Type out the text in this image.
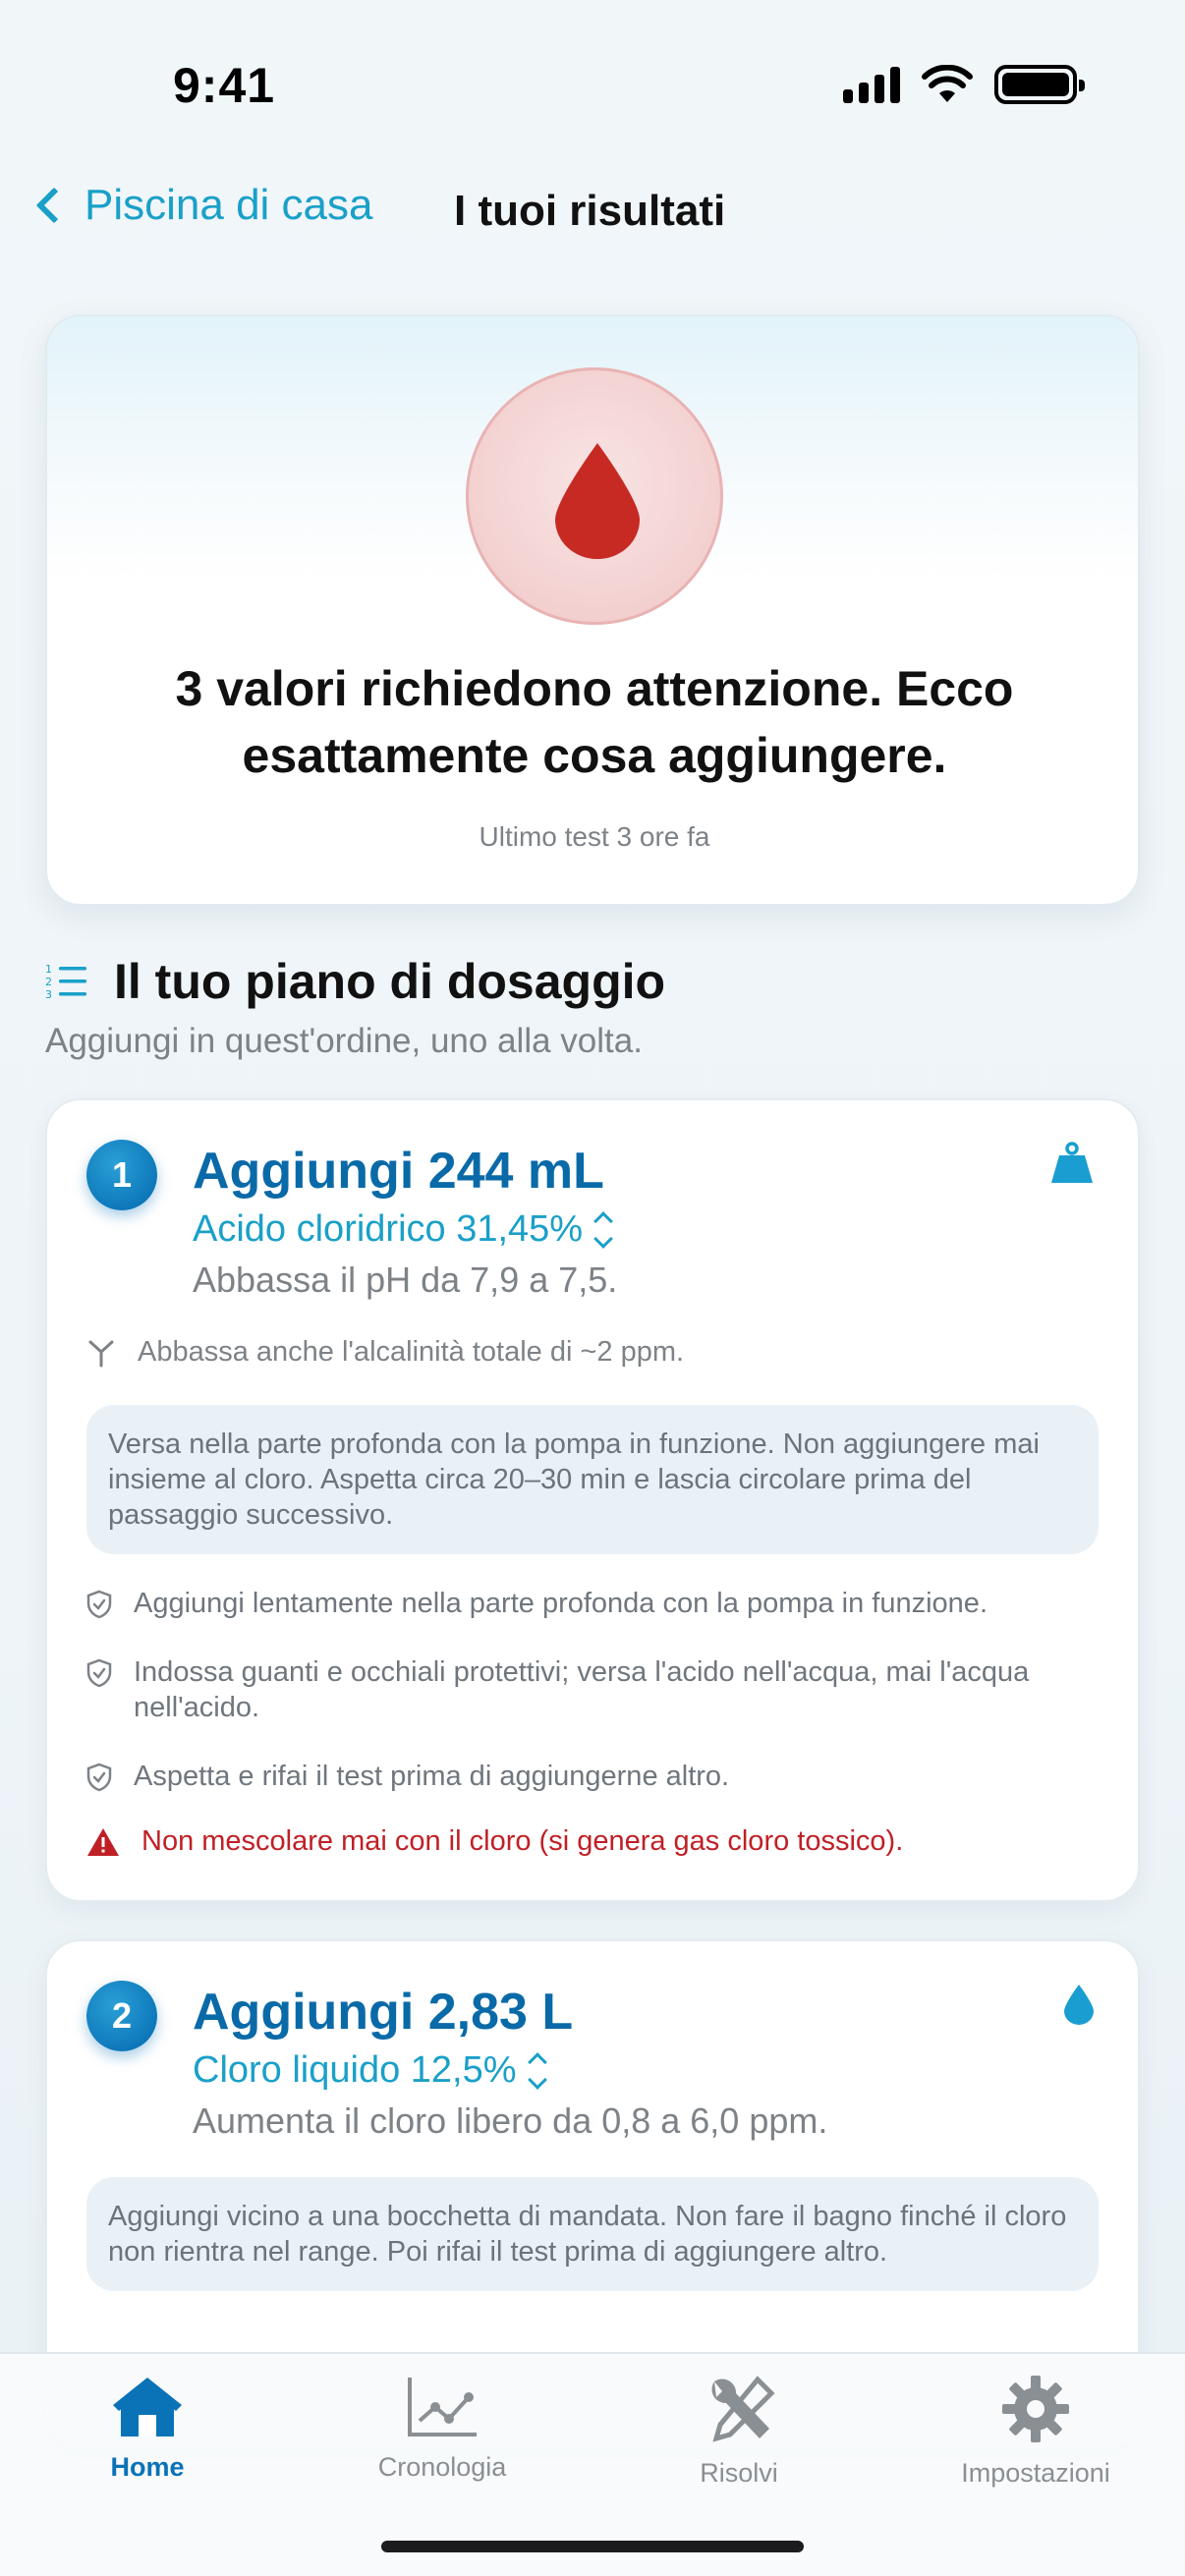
9:41
Piscina di casa I tuoi risultati
3 valori richiedono attenzione. Ecco esattamente cosa aggiungere.
Ultimo test 3 ore fa
1
2
3 Il tuo piano di dosaggio
Aggiungi in quest'ordine, uno alla volta.
1	Aggiungi 244 mL
Acido cloridrico 31,45%
Abbassa il pH da 7,9 a 7,5.
Abbassa anche l'alcalinità totale di ~2 ppm.
Versa nella parte profonda con la pompa in funzione. Non aggiungere mai insieme al cloro. Aspetta circa 20–30 min e lascia circolare prima del passaggio successivo.
Aggiungi lentamente nella parte profonda con la pompa in funzione.
Indossa guanti e occhiali protettivi; versa l'acido nell'acqua, mai l'acqua nell'acido.
Aspetta e rifai il test prima di aggiungerne altro.
Non mescolare mai con il cloro (si genera gas cloro tossico).
2	Aggiungi 2,83 L
Cloro liquido 12,5%
Aumenta il cloro libero da 0,8 a 6,0 ppm.
Aggiungi vicino a una bocchetta di mandata. Non fare il bagno finché il cloro non rientra nel range. Poi rifai il test prima di aggiungere altro.
Home	Cronologia	Risolvi	Impostazioni
